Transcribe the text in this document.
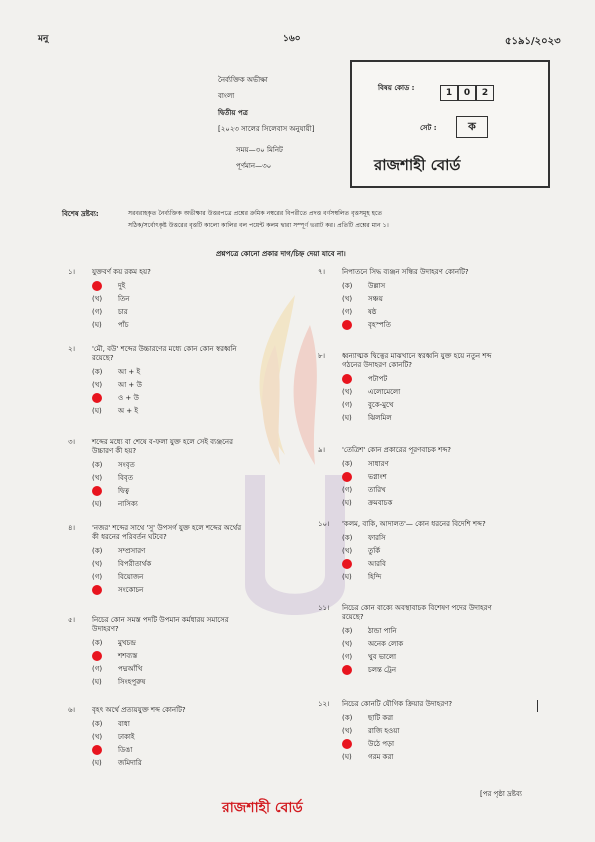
মনু	১৬০	৫১৯১/২০২৩
নৈর্ব্যক্তিক অভীক্ষা
বাংলা
দ্বিতীয় পত্র
[২০২৩ সালের সিলেবাস অনুযায়ী]
সময়—৩০ মিনিট
পূর্ণমান—৩০
বিষয় কোড :	1 0 2
সেট :	ক
রাজশাহী বোর্ড
বিশেষ দ্রষ্টব্য:	সরবরাহকৃত নৈর্ব্যক্তিক অভীক্ষার উত্তরপত্রে প্রশ্নের ক্রমিক নম্বরের বিপরীতে প্রদত্ত বর্ণসম্বলিত বৃত্তসমূহ হতে
সঠিক/সর্বোৎকৃষ্ট উত্তরের বৃত্তটি কালো কালির বল পয়েন্ট কলম দ্বারা সম্পূর্ণ ভরাট কর। প্রতিটি প্রশ্নের মান ১।
প্রশ্নপত্রে কোনো প্রকার দাগ/চিহ্ন দেয়া যাবে না।
১। যুক্তবর্ণ কয় রকম হয়?
দুই
(খ)	তিন
(গ)	চার
(ঘ)	পাঁচ
২। 'মৌ, বউ' শব্দের উচ্চারণের মধ্যে কোন কোন স্বরধ্বনি
রয়েছে?
(ক)	আ + ই
(খ)	আ + উ
ও + উ
(ঘ)	অ + ই
৩। শব্দের মধ্যে বা শেষে ব-ফলা যুক্ত হলে সেই ব্যঞ্জনের
উচ্চারণ কী হয়?
(ক)	সংবৃত
(খ)	বিবৃত
দ্বিত্ব
(ঘ)	নাসিক্য
৪। 'নজর' শব্দের সাথে 'সু' উপসর্গ যুক্ত হলে শব্দের অর্থের
কী ধরনের পরিবর্তন ঘটবে?
(ক)	সম্প্রসারণ
(খ)	বিপরীতার্থক
(গ)	বিয়োজন
সংকোচন
৫। নিচের কোন সমস্ত পদটি উপমান কর্মধারয় সমাসের
উদাহরণ?
(ক)	মুখচন্দ্র
শশব্যস্ত
(গ)	পদ্মআঁখি
(ঘ)	সিংহপুরুষ
৬। বৃহৎ অর্থে প্রত্যয়যুক্ত শব্দ কোনটি?
(ক)	বাধা
(খ)	ঢাকাই
ডিঙা
(ঘ)	জমিদারি
৭। নিপাতনে সিদ্ধ ব্যঞ্জন সন্ধির উদাহরণ কোনটি?
(ক)	উল্লাস
(খ)	সঞ্চয়
(গ)	ষষ্ঠ
বৃহস্পতি
৮। ধ্বন্যাত্মক দ্বিত্বের মাঝখানে স্বরধ্বনি যুক্ত হয়ে নতুন শব্দ
গঠনের উদাহরণ কোনটি?
পটাপট
(খ)	এলোমেলো
(গ)	বুকে-মুখে
(ঘ)	ঝিলমিল
৯। 'তেত্রিশ' কোন প্রকারের পূরণবাচক শব্দ?
(ক)	সাধারণ
ভগ্নাংশ
(গ)	তারিখ
(ঘ)	ক্রমবাচক
১০। 'কলম, বাকি, আদালত'— কোন ধরনের বিদেশি শব্দ?
(ক)	ফারসি
(খ)	তুর্কি
আরবি
(ঘ)	হিন্দি
১১। নিচের কোন বাক্যে অবস্থাবাচক বিশেষণ পদের উদাহরণ
রয়েছে?
(ক)	ঠান্ডা পানি
(খ)	অনেক লোক
(গ)	খুব ভালো
চলন্ত ট্রেন
১২। নিচের কোনটি যৌগিক ক্রিয়ার উদাহরণ?
(ক)	ছাটি করা
(খ)	রাজি হওয়া
উঠে পড়া
(ঘ)	গরম করা
রাজশাহী বোর্ড
[পর পৃষ্ঠা দ্রষ্টব্য
